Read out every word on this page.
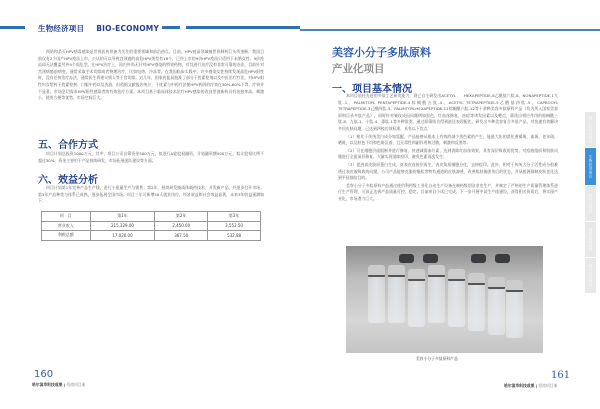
生物经济项目 BIO-ECONOMY
预防和杀灭HPV病毒感染是世界医药界备为关注的重要领域和前沿热点。目前，HPV疫苗领域被世界制药巨头所垄断，我国目前仅有2个国产HPV疫苗上市，公认的可以导致宫颈癌的高危HPV类型有18个，已经上市的9价HPV疫苗只适用于未婚女性，9价疫苗却无法覆盖另外9个高危型。在HPV治疗上，国内外尚无针对HPV感染的特效药物，对其进行治疗没有非常可靠的办法，目前针对宫颈病癌前病变，通常采取手术切除或者物理治疗，比如电烙、冷冻等。在我国临床实践中，许多感染女性持续发现高危HPV阳性时，没有任何治疗办法，通常医生将建议病人等于宫切除。近几年，国家药监局批准了部分干扰素栓剂以及中医治疗疗法，对HPV阳性妇女给药干扰素栓剂、口服中药以及洗液，但依据文献报告统计，干扰素与中药疗法使HPV转阴的疗效在30%-60%不等，疗效并不显著。市场急切需求HPV阳性感染者的有效治疗方案。本项目基于临床体技术治疗HPV感染的改良型创新药具有治愈率高、刺激小、使用方便等优势，市场空间巨大。
五、合作方式
项目计划总投资1000万元，其中，项目公司自筹资金500万元，拟进行A轮股权融资，计划融资额500万元，拟让股权比例不超过30%，资金主要用于产品持续研发、市场拓展团队建设等方面。
六、效益分析
项目计划第1年完善产品生产线，进行小批量生产与销售；第2年，持续研发脂质体载药技术，开发新产品，并逐步打开市场；第3年产品种类与体系已成熟，逐步拓展全国市场。项目三年可新增50人就业岗位，经济效益和社会效益显著，未来3年收益预测如下：
项　目	第1年	第2年	第3年
营业收入	215,329.00	2,450.00	3,552.50
利税总额	17,020.00	367.50	532.88
160
哈尔滨市科技成果 | 招商项目册
美容小分子多肽原料
产业化项目
一、项目基本情况
本项目依托先进的多肽工艺研发能力，现已自主研发出ACETYL　　HEXAPEPTIDE-8乙酰基六肽-8、NONAPEPTIDE-1九肽-1、PALMITOYL PENTAPEPTIDE-4棕榈酰五肽-4、ACETYL TETRAPEPTIDE-5乙酰基四肽-5、CAPROOYL TETRAPEPTIDE-3己酰四肽-3、PALMITOYLHEXAPEPTIDE-12棕榈酰六肽-12等十余种美容多肽原料产品（均为列入国家美容原料目录多肽产品），同时针对皱纹成因问题例如黑色、红血丝修复、祛痘等诱发因素以及靶点，筛选出相应作用的棕榈酰三肽-8、九肽-1、十肽-4、寡肽-1等多种肽类，通过原筛结合得到最佳表现配比，研发出多种美容复合多肽产品，对快速有效解决多项皮肤问题，已达到四校功效标准，具有以下优点：
（1）相比于传统美白成分如氢醌，产品能够从根本上有效的减少黑色素的产生，能最大化的淡化黄褐斑、雀斑、老年斑、晒斑，以及肤色不均和色斑沉着，且无毒性和副作用和过敏，刺激和反黑等；
（2）可在细胞层面阻断并进行修复，快速减弱血红素，达到消除红血丝效果，具有深层吸收的优势，对痘痕组织和肌肤问题进行全面深层修复，大量实现消除痘印，避免色素再次发生；
（3）促进真皮胶原蛋白生成，真表皮连接层再生，表皮角质细胞分化，去掉痘印。此外，相对于传统大分子活性成分很难透过表皮被吸收的问题，公司产品能够克服的脂肽等特有通道的皮肤渗透，改善肌肤被创伤后的状态，并从根源抑制皮肤老化达到平抚细纹目的。
美容小分子多肽原料产品通过使用利药级工业化自动生产设备在制药级别洁净室生产，并制定了严格的生产质量管理体系进行生产管理，可真正达到产品质量可控、稳定。目前项目小试已完成，下一步开展中试生产线建设，获得相关资质后，将实现产业化，市场潜力巨大。
美容小分子多肽原料产品
161
哈尔滨市科技成果 | 招商项目册
新一代信息技术
生物经济项目
新材料项目
高端装备项目
现代农业项目
